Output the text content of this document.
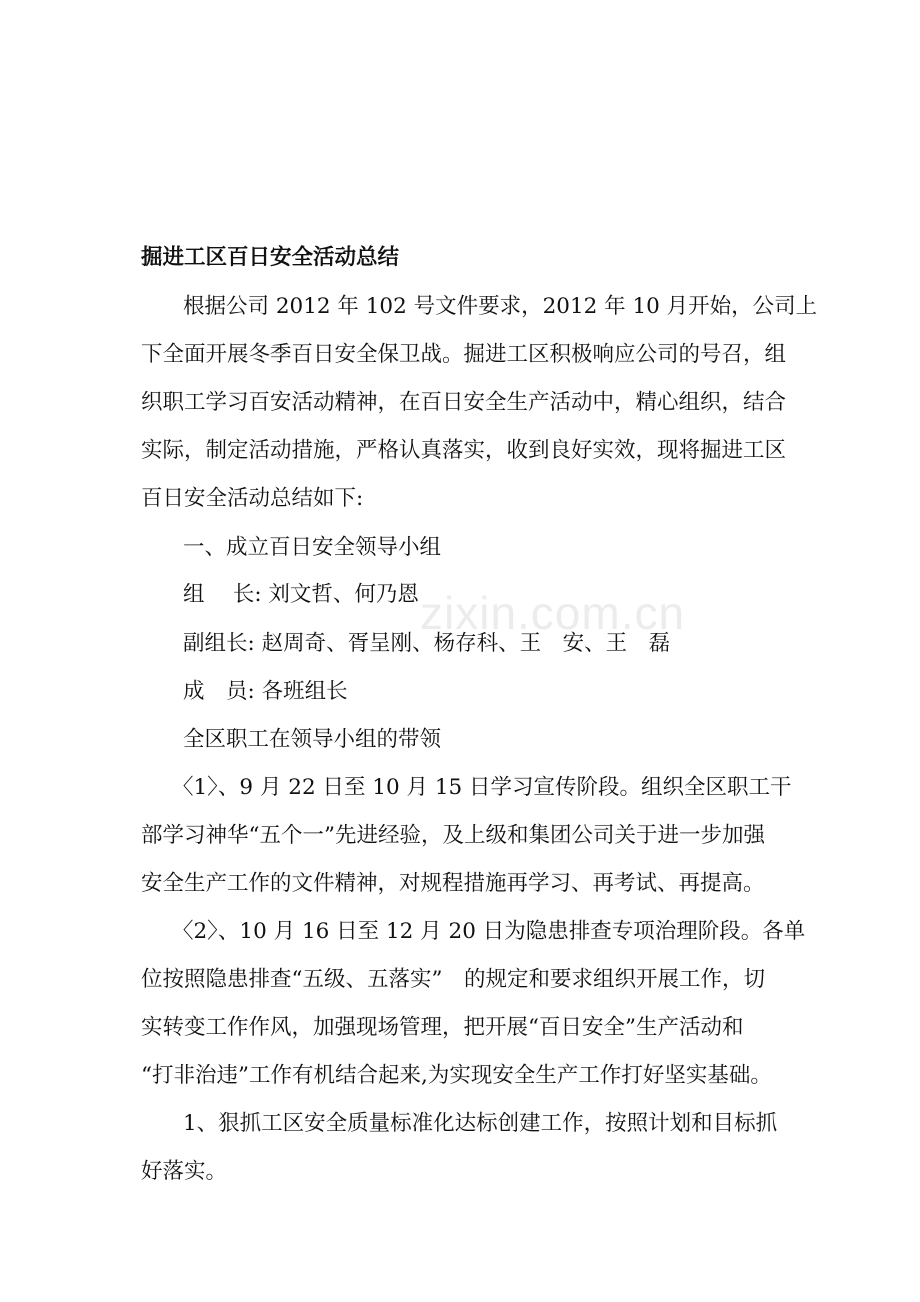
掘进工区百日安全活动总结
根据公司 2012 年 102 号文件要求，2012 年 10 月开始，公司上
下全面开展冬季百日安全保卫战。掘进工区积极响应公司的号召，组
织职工学习百安活动精神，在百日安全生产活动中，精心组织，结合
实际，制定活动措施，严格认真落实，收到良好实效，现将掘进工区
百日安全活动总结如下:
一、成立百日安全领导小组
组　 长: 刘文哲、何乃恩
副组长: 赵周奇、胥呈刚、杨存科、王　安、王　磊
成　员: 各班组长
全区职工在领导小组的带领
〈1〉、9 月 22 日至 10 月 15 日学习宣传阶段。组织全区职工干
部学习神华“五个一”先进经验，及上级和集团公司关于进一步加强
安全生产工作的文件精神，对规程措施再学习、再考试、再提高。
〈2〉、10 月 16 日至 12 月 20 日为隐患排查专项治理阶段。各单
位按照隐患排查“五级、五落实”　的规定和要求组织开展工作，切
实转变工作作风，加强现场管理，把开展“百日安全”生产活动和
“打非治违”工作有机结合起来,为实现安全生产工作打好坚实基础。
1、狠抓工区安全质量标准化达标创建工作，按照计划和目标抓
好落实。
zixin.com.cn
